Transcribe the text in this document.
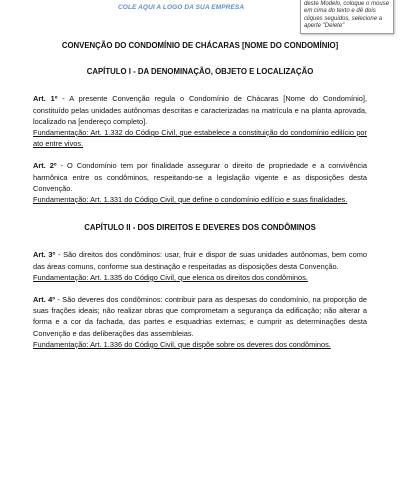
COLE AQUI A LOGO DA SUA EMPRESA	deste Modelo, coloque o mouse em cima do texto e dê dois cliques seguidos, selecione a aperte "Delete"
CONVENÇÃO DO CONDOMÍNIO DE CHÁCARAS [NOME DO CONDOMÍNIO]
CAPÍTULO I - DA DENOMINAÇÃO, OBJETO E LOCALIZAÇÃO

Art. 1º - A presente Convenção regula o Condomínio de Chácaras [Nome do Condomínio], constituído pelas unidades autônomas descritas e caracterizadas na matrícula e na planta aprovada, localizado na [endereço completo].

Fundamentação: Art. 1.332 do Código Civil, que estabelece a constituição do condomínio edilício por ato entre vivos.

Art. 2º - O Condomínio tem por finalidade assegurar o direito de propriedade e a convivência harmônica entre os condôminos, respeitando-se a legislação vigente e as disposições desta Convenção.

Fundamentação: Art. 1.331 do Código Civil, que define o condomínio edilício e suas finalidades.

CAPÍTULO II - DOS DIREITOS E DEVERES DOS CONDÔMINOS

Art. 3º - São direitos dos condôminos: usar, fruir e dispor de suas unidades autônomas, bem como das áreas comuns, conforme sua destinação e respeitadas as disposições desta Convenção.

Fundamentação: Art. 1.335 do Código Civil, que elenca os direitos dos condôminos.

Art. 4º - São deveres dos condôminos: contribuir para as despesas do condomínio, na proporção de suas frações ideais; não realizar obras que comprometam a segurança da edificação; não alterar a forma e a cor da fachada, das partes e esquadrias externas; e cumprir as determinações desta Convenção e das deliberações das assembleias.

Fundamentação: Art. 1.336 do Código Civil, que dispõe sobre os deveres dos condôminos.
